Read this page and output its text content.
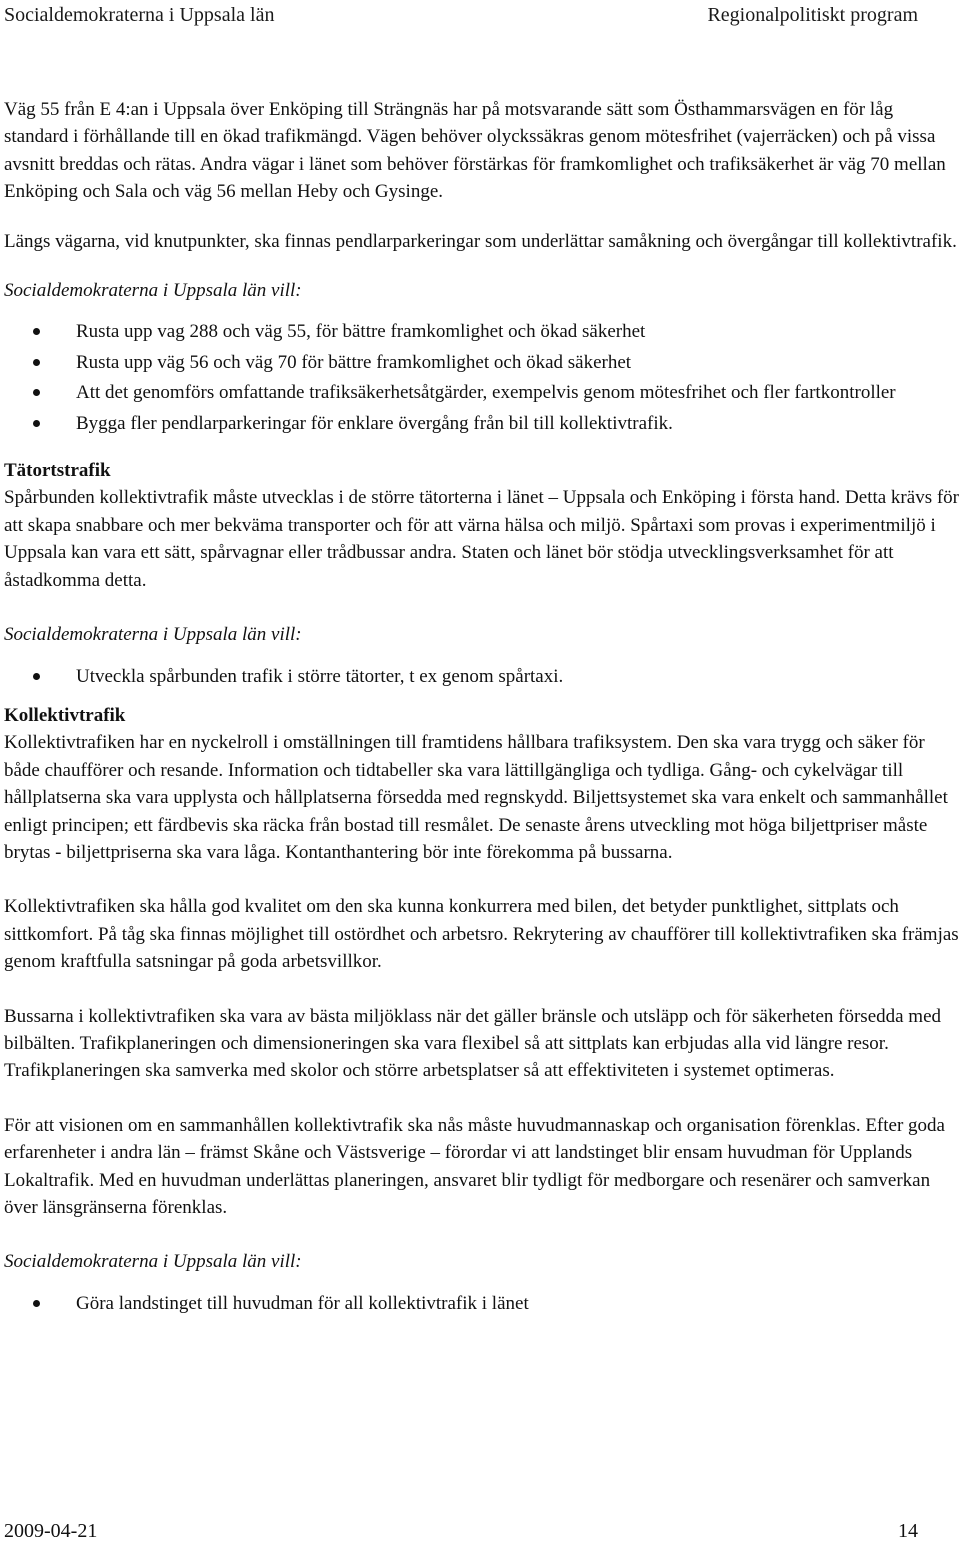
Socialdemokraterna i Uppsala län	Regionalpolitiskt program

Väg 55 från E 4:an i Uppsala över Enköping till Strängnäs har på motsvarande sätt som Östhammarsvägen en för låg standard i förhållande till en ökad trafikmängd. Vägen behöver olyckssäkras genom mötesfrihet (vajerräcken) och på vissa avsnitt breddas och rätas. Andra vägar i länet som behöver förstärkas för framkomlighet och trafiksäkerhet är väg 70 mellan Enköping och Sala och väg 56 mellan Heby och Gysinge.

Längs vägarna, vid knutpunkter, ska finnas pendlarparkeringar som underlättar samåkning och övergångar till kollektivtrafik.

Socialdemokraterna i Uppsala län vill:

Rusta upp vag 288 och väg 55, för bättre framkomlighet och ökad säkerhet
Rusta upp väg 56 och väg 70 för bättre framkomlighet och ökad säkerhet
Att det genomförs omfattande trafiksäkerhetsåtgärder, exempelvis genom mötesfrihet och fler fartkontroller
Bygga fler pendlarparkeringar för enklare övergång från bil till kollektivtrafik.
Tätortstrafik

Spårbunden kollektivtrafik måste utvecklas i de större tätorterna i länet – Uppsala och Enköping i första hand. Detta krävs för att skapa snabbare och mer bekväma transporter och för att värna hälsa och miljö. Spårtaxi som provas i experimentmiljö i Uppsala kan vara ett sätt, spårvagnar eller trådbussar andra. Staten och länet bör stödja utvecklingsverksamhet för att åstadkomma detta.

Socialdemokraterna i Uppsala län vill:

Utveckla spårbunden trafik i större tätorter, t ex genom spårtaxi.
Kollektivtrafik

Kollektivtrafiken har en nyckelroll i omställningen till framtidens hållbara trafiksystem. Den ska vara trygg och säker för både chaufförer och resande. Information och tidtabeller ska vara lättillgängliga och tydliga. Gång- och cykelvägar till hållplatserna ska vara upplysta och hållplatserna försedda med regnskydd. Biljettsystemet ska vara enkelt och sammanhållet enligt principen; ett färdbevis ska räcka från bostad till resmålet. De senaste årens utveckling mot höga biljettpriser måste brytas - biljettpriserna ska vara låga. Kontanthantering bör inte förekomma på bussarna.

Kollektivtrafiken ska hålla god kvalitet om den ska kunna konkurrera med bilen, det betyder punktlighet, sittplats och sittkomfort. På tåg ska finnas möjlighet till ostördhet och arbetsro. Rekrytering av chaufförer till kollektivtrafiken ska främjas genom kraftfulla satsningar på goda arbetsvillkor.

Bussarna i kollektivtrafiken ska vara av bästa miljöklass när det gäller bränsle och utsläpp och för säkerheten försedda med bilbälten. Trafikplaneringen och dimensioneringen ska vara flexibel så att sittplats kan erbjudas alla vid längre resor. Trafikplaneringen ska samverka med skolor och större arbetsplatser så att effektiviteten i systemet optimeras.

För att visionen om en sammanhållen kollektivtrafik ska nås måste huvudmannaskap och organisation förenklas. Efter goda erfarenheter i andra län – främst Skåne och Västsverige – förordar vi att landstinget blir ensam huvudman för Upplands Lokaltrafik. Med en huvudman underlättas planeringen, ansvaret blir tydligt för medborgare och resenärer och samverkan över länsgränserna förenklas.

Socialdemokraterna i Uppsala län vill:

Göra landstinget till huvudman för all kollektivtrafik i länet
2009-04-21	14
